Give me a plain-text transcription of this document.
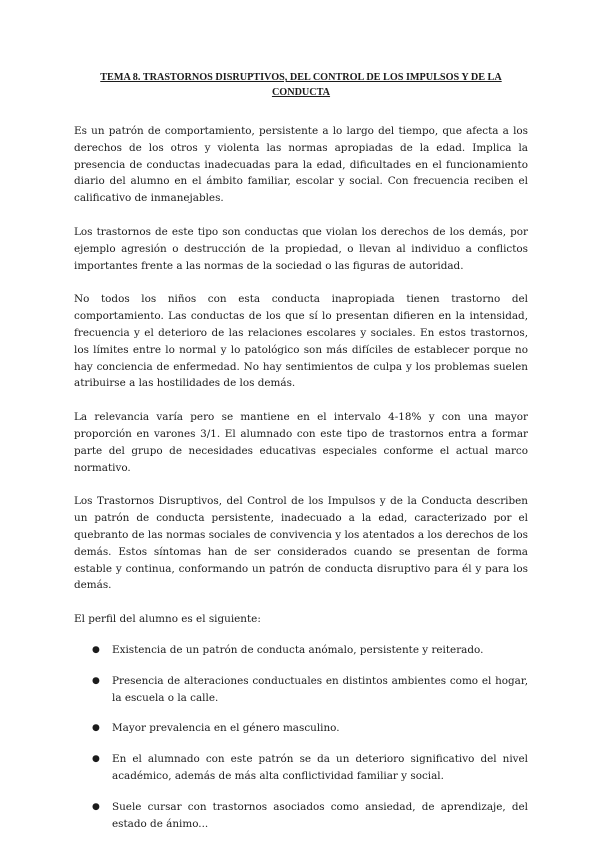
TEMA 8. TRASTORNOS DISRUPTIVOS, DEL CONTROL DE LOS IMPULSOS Y DE LA CONDUCTA

Es un patrón de comportamiento, persistente a lo largo del tiempo, que afecta a los derechos de los otros y violenta las normas apropiadas de la edad. Implica la presencia de conductas inadecuadas para la edad, dificultades en el funcionamiento diario del alumno en el ámbito familiar, escolar y social. Con frecuencia reciben el calificativo de inmanejables.

Los trastornos de este tipo son conductas que violan los derechos de los demás, por ejemplo agresión o destrucción de la propiedad, o llevan al individuo a conflictos importantes frente a las normas de la sociedad o las figuras de autoridad.

No todos los niños con esta conducta inapropiada tienen trastorno del comportamiento. Las conductas de los que sí lo presentan difieren en la intensidad, frecuencia y el deterioro de las relaciones escolares y sociales. En estos trastornos, los límites entre lo normal y lo patológico son más difíciles de establecer porque no hay conciencia de enfermedad. No hay sentimientos de culpa y los problemas suelen atribuirse a las hostilidades de los demás.

La relevancia varía pero se mantiene en el intervalo 4-18% y con una mayor proporción en varones 3/1. El alumnado con este tipo de trastornos entra a formar parte del grupo de necesidades educativas especiales conforme el actual marco normativo.

Los Trastornos Disruptivos, del Control de los Impulsos y de la Conducta describen un patrón de conducta persistente, inadecuado a la edad, caracterizado por el quebranto de las normas sociales de convivencia y los atentados a los derechos de los demás. Estos síntomas han de ser considerados cuando se presentan de forma estable y continua, conformando un patrón de conducta disruptivo para él y para los demás.

El perfil del alumno es el siguiente:

● Existencia de un patrón de conducta anómalo, persistente y reiterado.
● Presencia de alteraciones conductuales en distintos ambientes como el hogar, la escuela o la calle.
● Mayor prevalencia en el género masculino.
● En el alumnado con este patrón se da un deterioro significativo del nivel académico, además de más alta conflictividad familiar y social.
● Suele cursar con trastornos asociados como ansiedad, de aprendizaje, del estado de ánimo...
